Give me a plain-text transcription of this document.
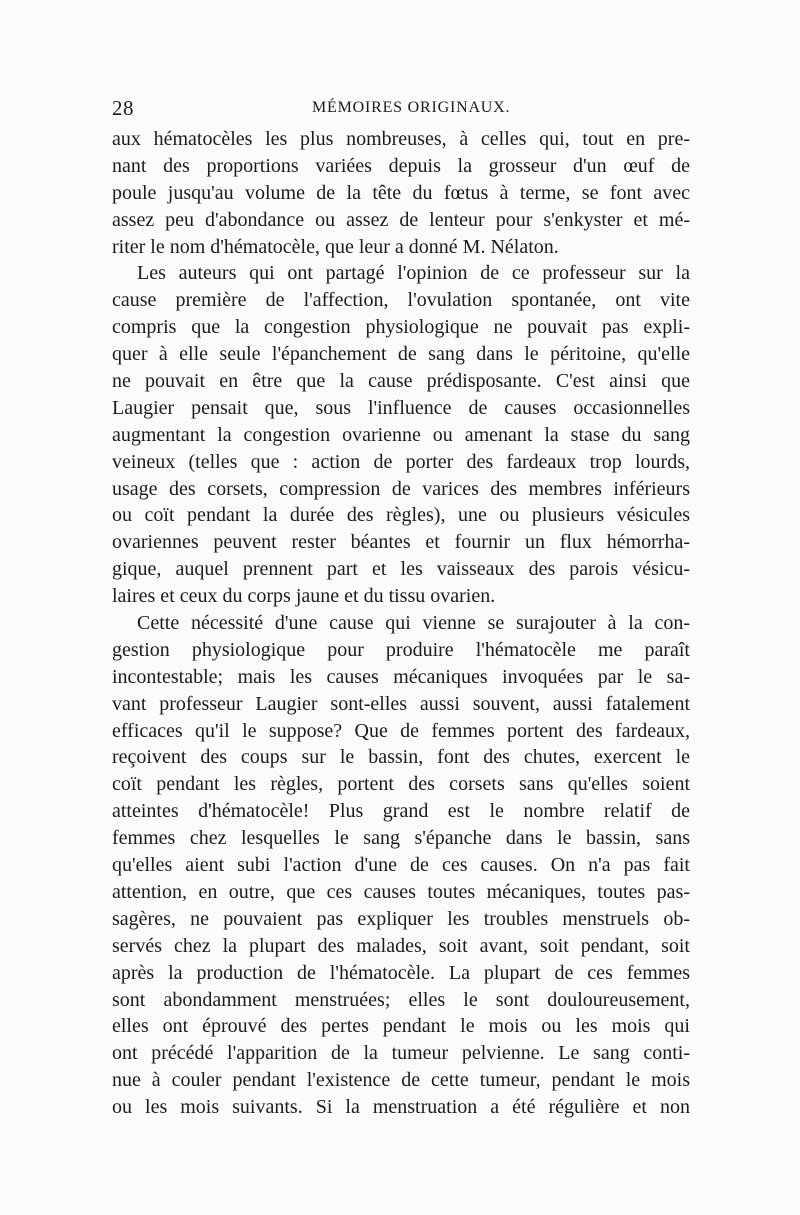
28	MÉMOIRES ORIGINAUX.
aux hématocèles les plus nombreuses, à celles qui, tout en pre-
nant des proportions variées depuis la grosseur d'un œuf de
poule jusqu'au volume de la tête du fœtus à terme, se font avec
assez peu d'abondance ou assez de lenteur pour s'enkyster et mé-
riter le nom d'hématocèle, que leur a donné M. Nélaton.
Les auteurs qui ont partagé l'opinion de ce professeur sur la
cause première de l'affection, l'ovulation spontanée, ont vite
compris que la congestion physiologique ne pouvait pas expli-
quer à elle seule l'épanchement de sang dans le péritoine, qu'elle
ne pouvait en être que la cause prédisposante. C'est ainsi que
Laugier pensait que, sous l'influence de causes occasionnelles
augmentant la congestion ovarienne ou amenant la stase du sang
veineux (telles que : action de porter des fardeaux trop lourds,
usage des corsets, compression de varices des membres inférieurs
ou coït pendant la durée des règles), une ou plusieurs vésicules
ovariennes peuvent rester béantes et fournir un flux hémorrha-
gique, auquel prennent part et les vaisseaux des parois vésicu-
laires et ceux du corps jaune et du tissu ovarien.
Cette nécessité d'une cause qui vienne se surajouter à la con-
gestion physiologique pour produire l'hématocèle me paraît
incontestable; mais les causes mécaniques invoquées par le sa-
vant professeur Laugier sont-elles aussi souvent, aussi fatalement
efficaces qu'il le suppose? Que de femmes portent des fardeaux,
reçoivent des coups sur le bassin, font des chutes, exercent le
coït pendant les règles, portent des corsets sans qu'elles soient
atteintes d'hématocèle! Plus grand est le nombre relatif de
femmes chez lesquelles le sang s'épanche dans le bassin, sans
qu'elles aient subi l'action d'une de ces causes. On n'a pas fait
attention, en outre, que ces causes toutes mécaniques, toutes pas-
sagères, ne pouvaient pas expliquer les troubles menstruels ob-
servés chez la plupart des malades, soit avant, soit pendant, soit
après la production de l'hématocèle. La plupart de ces femmes
sont abondamment menstruées; elles le sont douloureusement,
elles ont éprouvé des pertes pendant le mois ou les mois qui
ont précédé l'apparition de la tumeur pelvienne. Le sang conti-
nue à couler pendant l'existence de cette tumeur, pendant le mois
ou les mois suivants. Si la menstruation a été régulière et non
